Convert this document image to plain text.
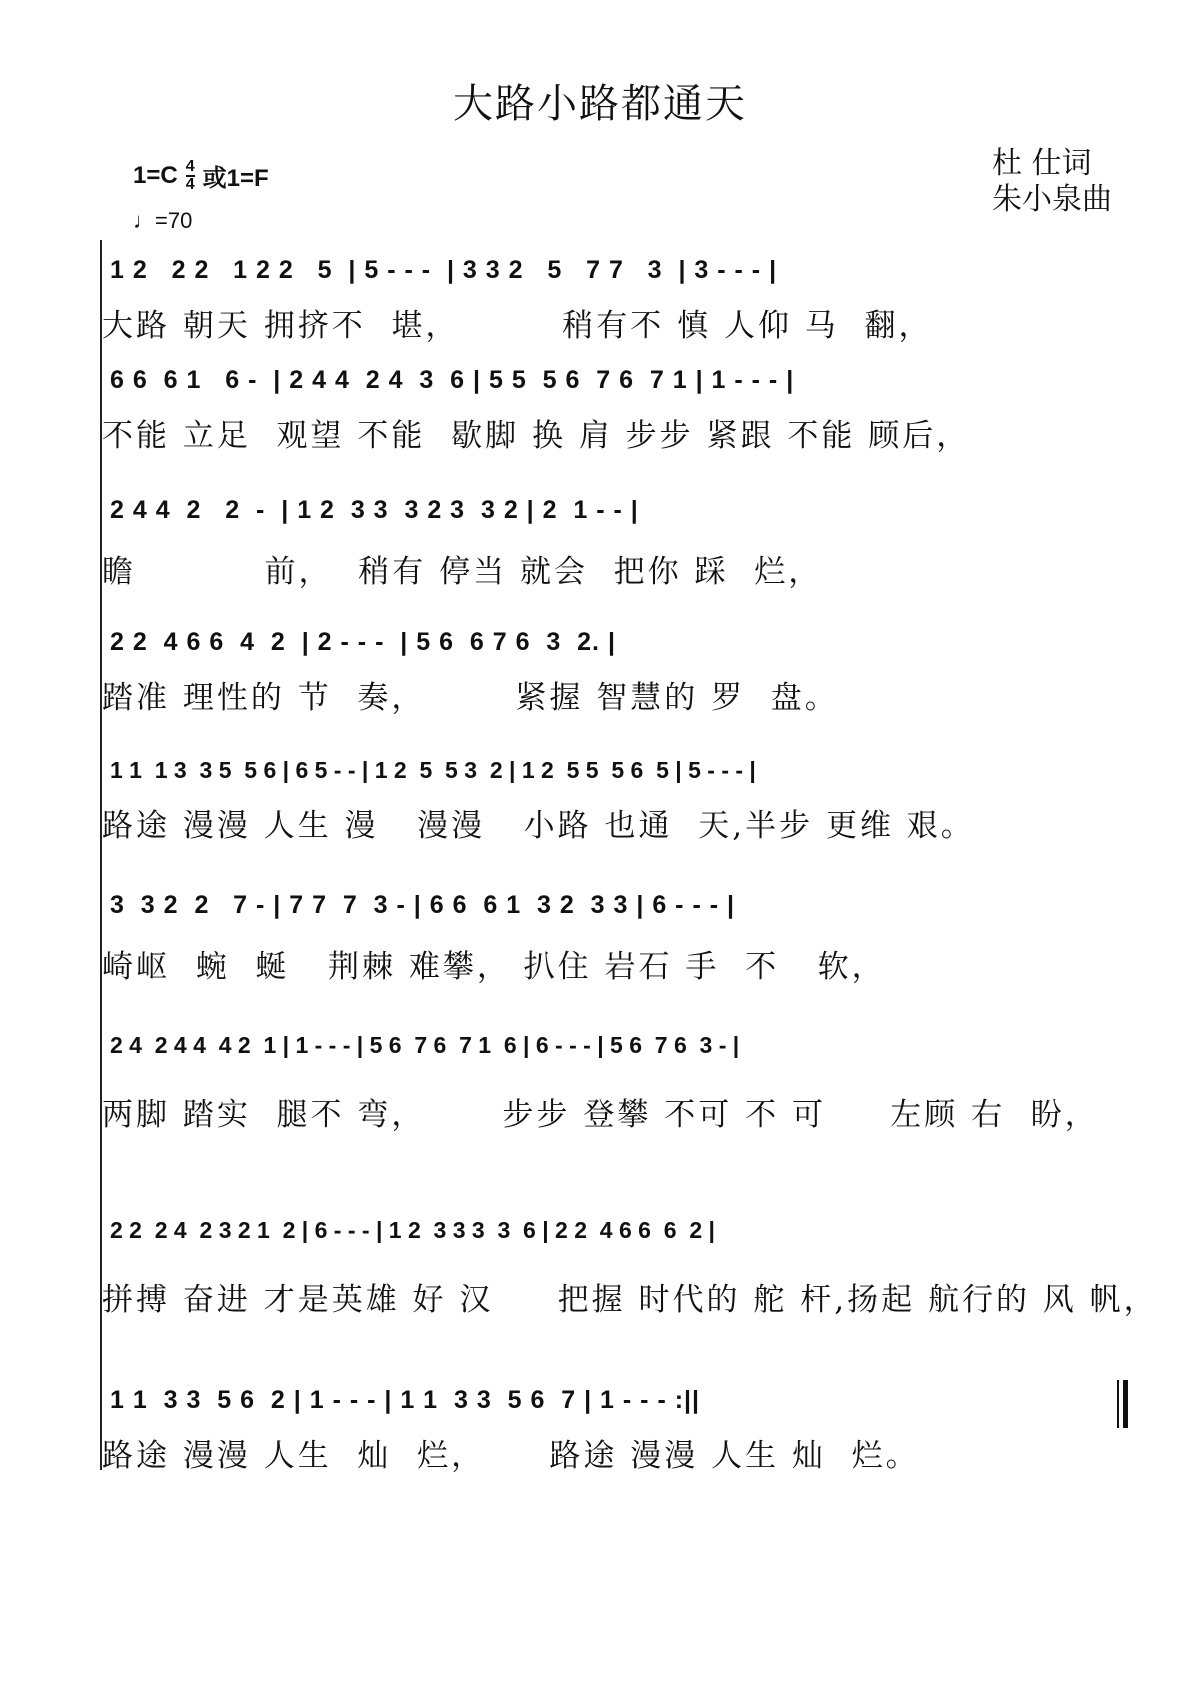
大路小路都通天
$1=C \frac{4}{4}$ 或1=F
♩=70
杜 仕词
朱小泉曲
1 2   2 2   1 2 2   5  | 5 - - -  | 3 3 2   5   7 7   3  | 3 - - - |
大路 朝天 拥挤不  堪，        稍有不 慎 人仰 马  翻，
6 6  6 1   6 -  | 2 4 4  2 4  3  6 | 5 5  5 6  7 6  7 1 | 1 - - - |
不能 立足  观望 不能  歇脚 换 肩 步步 紧跟 不能 顾后，
2 4 4  2   2  -  | 1 2  3 3  3 2 3  3 2 | 2  1 - - |
瞻          前，  稍有 停当 就会  把你 踩  烂，
2 2  4 6 6  4  2  | 2 - - -  | 5 6  6 7 6  3  2. |
踏准 理性的 节  奏，       紧握 智慧的 罗  盘。
1 1  1 3  3 5  5 6 | 6 5 - - | 1 2  5  5 3  2 | 1 2  5 5  5 6  5 | 5 - - - |
路途 漫漫 人生 漫   漫漫   小路 也通  天,半步 更维 艰。
3  3 2  2   7 - | 7 7  7  3 - | 6 6  6 1  3 2  3 3 | 6 - - - |
崎岖  蜿  蜒   荆棘 难攀， 扒住 岩石 手  不   软，
2 4  2 4 4  4 2  1 | 1 - - - | 5 6  7 6  7 1  6 | 6 - - - | 5 6  7 6  3 - |
两脚 踏实  腿不 弯，      步步 登攀 不可 不 可     左顾 右  盼，
2 2  2 4  2 3 2 1  2 | 6 - - - | 1 2  3 3 3  3  6 | 2 2  4 6 6  6  2 |
拼搏 奋进 才是英雄 好 汉     把握 时代的 舵 杆,扬起 航行的 风 帆，
1 1  3 3  5 6  2 | 1 - - - | 1 1  3 3  5 6  7 | 1 - - - :||
路途 漫漫 人生  灿  烂，     路途 漫漫 人生 灿  烂。
